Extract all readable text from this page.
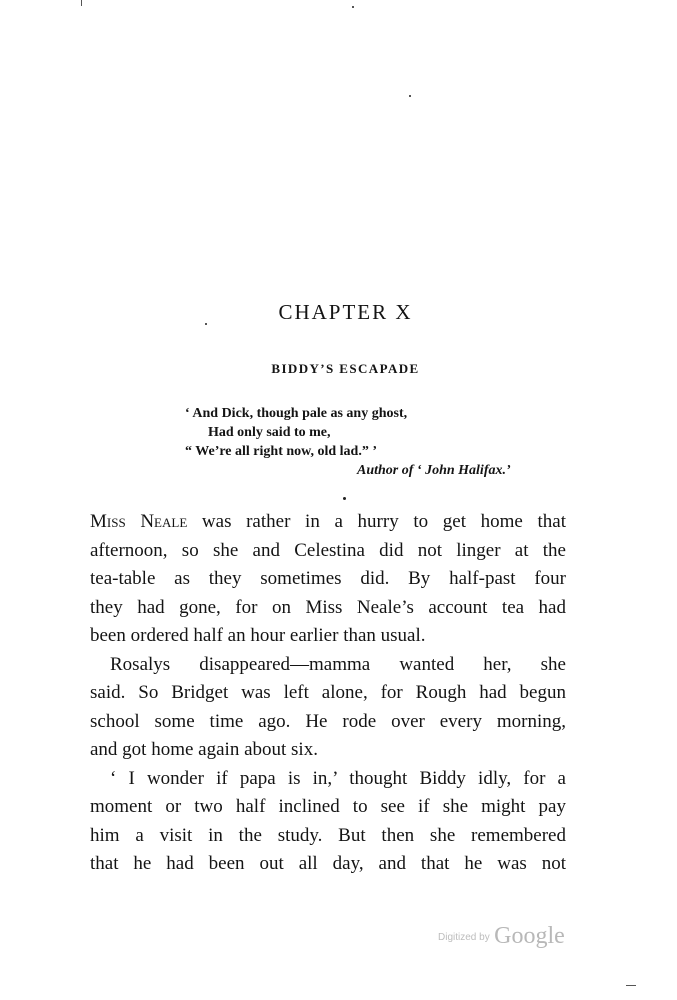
CHAPTER X
BIDDY’S ESCAPADE
‘ And Dick, though pale as any ghost,
Had only said to me,
“ We’re all right now, old lad.” ’
Author of ‘ John Halifax.’
Miss Neale was rather in a hurry to get home that
afternoon, so she and Celestina did not linger at the
tea-table as they sometimes did. By half-past four
they had gone, for on Miss Neale’s account tea had
been ordered half an hour earlier than usual.
Rosalys disappeared—mamma wanted her, she
said. So Bridget was left alone, for Rough had begun
school some time ago. He rode over every morning,
and got home again about six.
‘ I wonder if papa is in,’ thought Biddy idly, for a
moment or two half inclined to see if she might pay
him a visit in the study. But then she remembered
that he had been out all day, and that he was not
Digitized by Google
